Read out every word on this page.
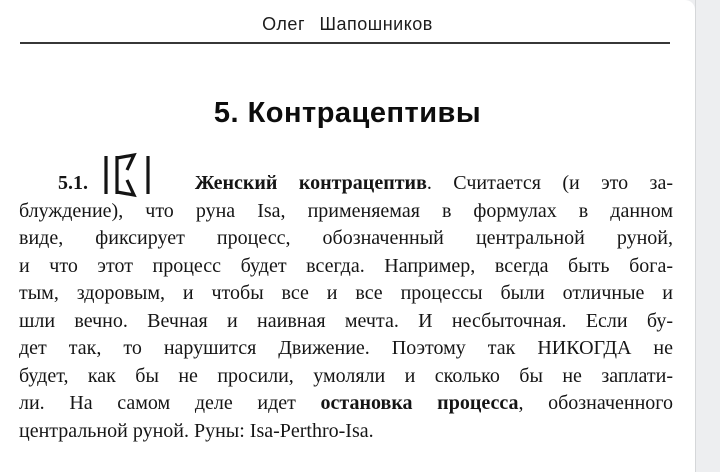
Олег Шапошников
5. Контрацептивы
5.1.	Женский контрацептив. Считается (и это за-
блуждение), что руна Isa, применяемая в формулах в данном
виде, фиксирует процесс, обозначенный центральной руной,
и что этот процесс будет всегда. Например, всегда быть бога-
тым, здоровым, и чтобы все и все процессы были отличные и
шли вечно. Вечная и наивная мечта. И несбыточная. Если бу-
дет так, то нарушится Движение. Поэтому так НИКОГДА не
будет, как бы не просили, умоляли и сколько бы не заплати-
ли. На самом деле идет остановка процесса, обозначенного
центральной руной. Руны: Isa-Perthro-Isa.
